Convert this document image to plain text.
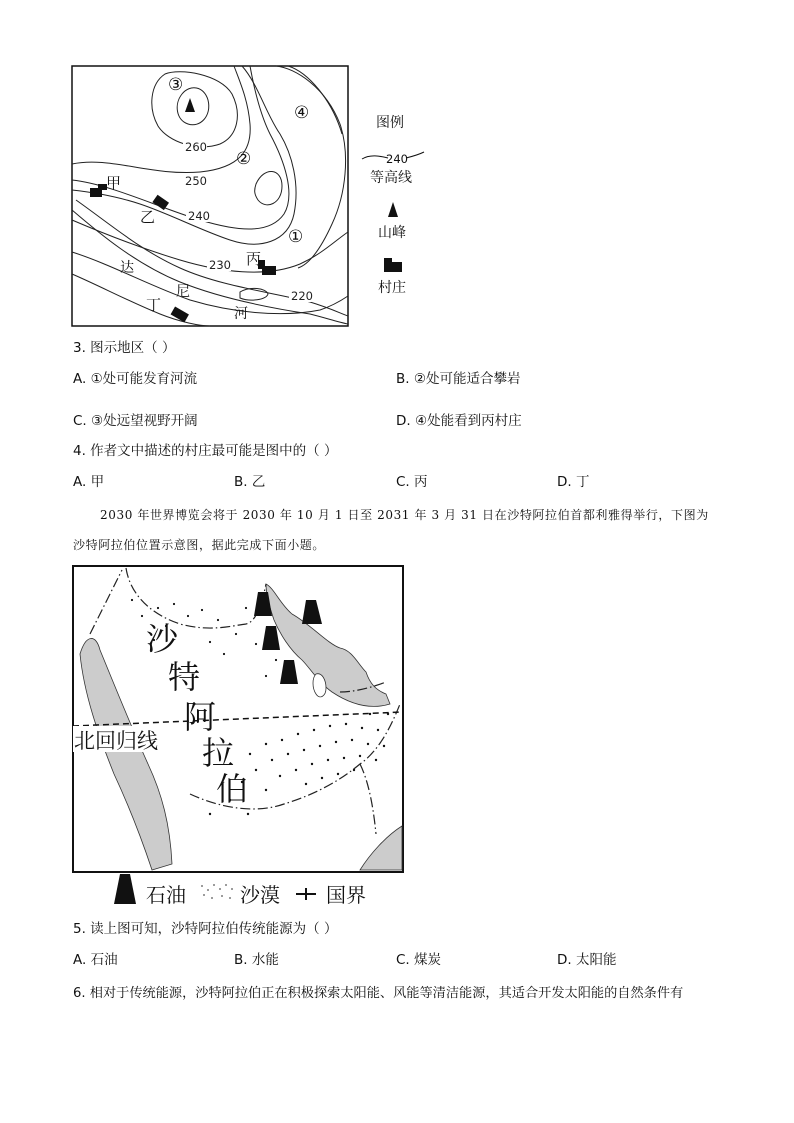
260
250
240
230
220
③
②
④
①
甲
乙
丙
丁
达
尼
河
图例
240
等高线
山峰
村庄
3. 图示地区（ ）
A. ①处可能发育河流	B. ②处可能适合攀岩
C. ③处远望视野开阔	D. ④处能看到丙村庄
4. 作者文中描述的村庄最可能是图中的（ ）
A. 甲	B. 乙	C. 丙	D. 丁
2030 年世界博览会将于 2030 年 10 月 1 日至 2031 年 3 月 31 日在沙特阿拉伯首都利雅得举行，下图为
沙特阿拉伯位置示意图，据此完成下面小题。
沙
特
阿
拉
伯
北回归线
石油	沙漠 国界
5. 读上图可知，沙特阿拉伯传统能源为（ ）
A. 石油	B. 水能	C. 煤炭	D. 太阳能
6. 相对于传统能源，沙特阿拉伯正在积极探索太阳能、风能等清洁能源，其适合开发太阳能的自然条件有
